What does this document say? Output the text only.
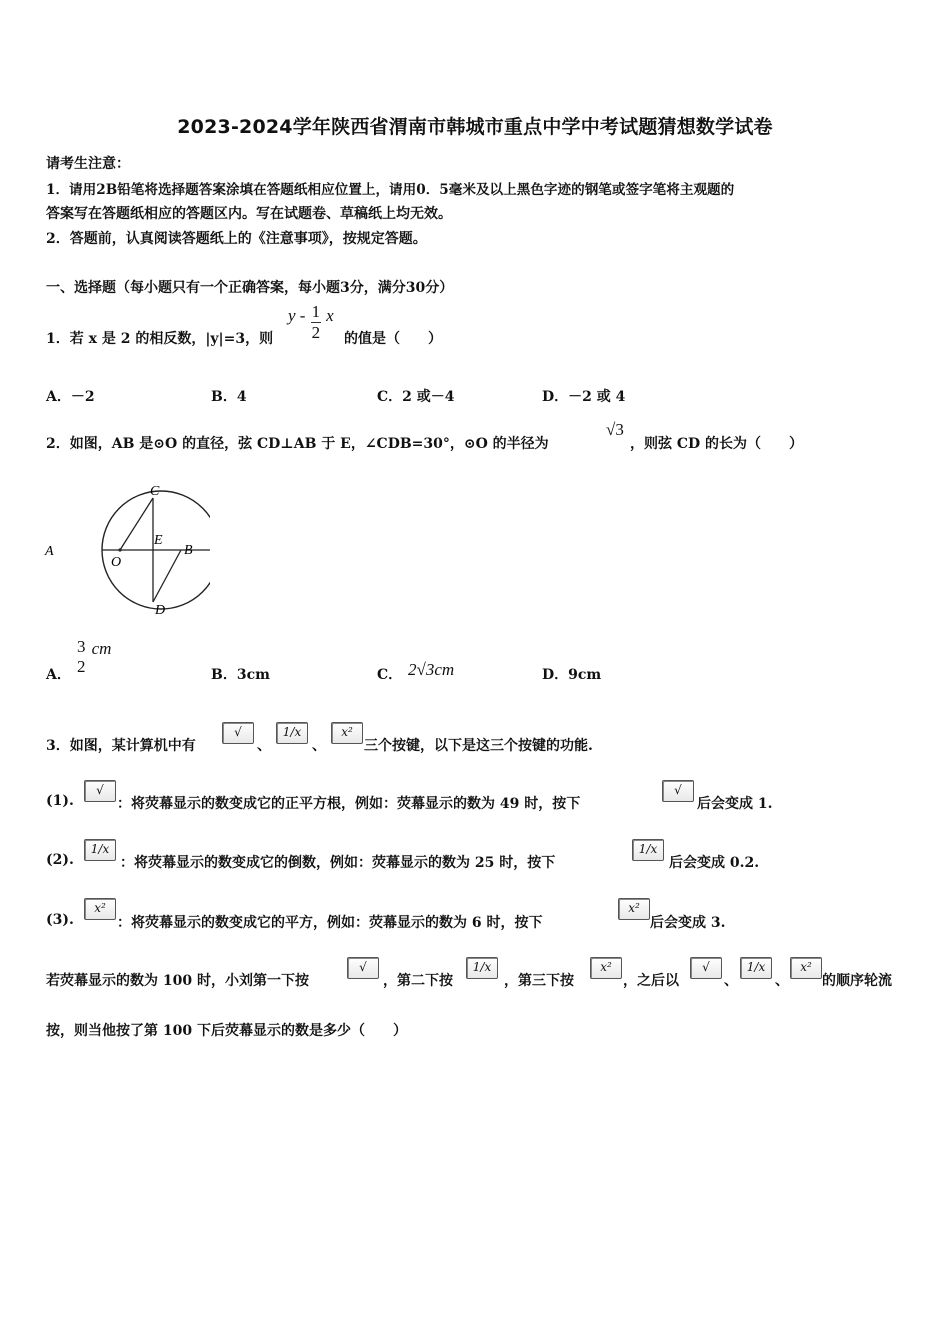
2023-2024学年陕西省渭南市韩城市重点中学中考试题猜想数学试卷
请考生注意：
1．请用2B铅笔将选择题答案涂填在答题纸相应位置上，请用0．5毫米及以上黑色字迹的钢笔或签字笔将主观题的
答案写在答题纸相应的答题区内。写在试题卷、草稿纸上均无效。
2．答题前，认真阅读答题纸上的《注意事项》，按规定答题。
一、选择题（每小题只有一个正确答案，每小题3分，满分30分）
1．若 x 是 2 的相反数，|y|=3，则
y - $\frac{1}{2}$ x
的值是（　　）
A．－2	B．4	C．2 或－4	D．－2 或 4
2．如图，AB 是⊙O 的直径，弦 CD⊥AB 于 E，∠CDB=30°，⊙O 的半径为
√3
，则弦 CD 的长为（　　）
A	B
C
D
E
O
A．
3
2
cm
B．3cm	C． 2√3cm	D．9cm
3．如图，某计算机中有
√
、
1/x
、
x²
三个按键，以下是这三个按键的功能.
(1).
√
：将荧幕显示的数变成它的正平方根，例如：荧幕显示的数为 49 时，按下
√
后会变成 1.
(2).
1/x
：将荧幕显示的数变成它的倒数，例如：荧幕显示的数为 25 时，按下
1/x
后会变成 0.2.
(3).
x²
：将荧幕显示的数变成它的平方，例如：荧幕显示的数为 6 时，按下
x²
后会变成 3.
若荧幕显示的数为 100 时，小刘第一下按
√
，第二下按
1/x
，第三下按
x²
，之后以
√
、
1/x
、
x²
的顺序轮流
按，则当他按了第 100 下后荧幕显示的数是多少（　　）
